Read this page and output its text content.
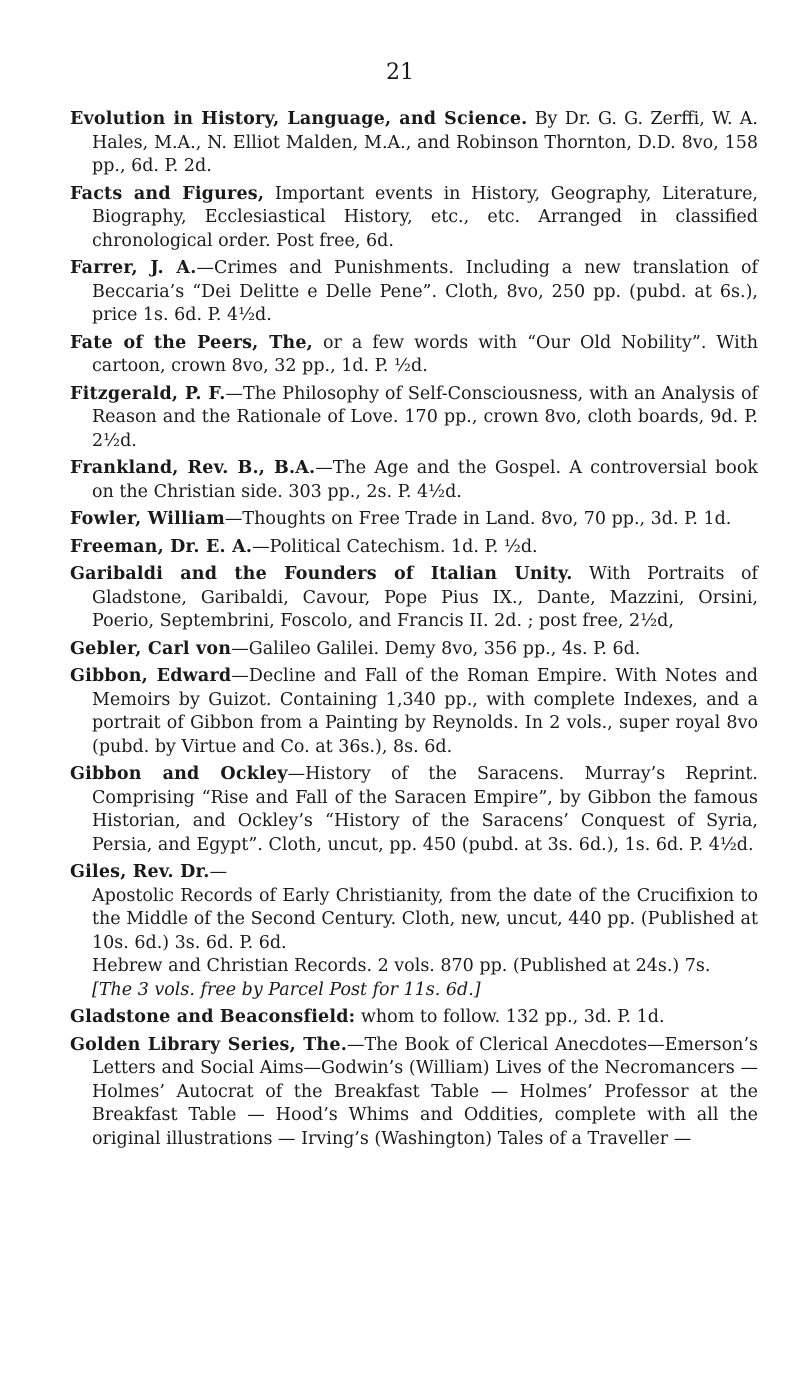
21

Evolution in History, Language, and Science. By Dr. G. G. Zerffi, W. A. Hales, M.A., N. Elliot Malden, M.A., and Robinson Thornton, D.D. 8vo, 158 pp., 6d. P. 2d.

Facts and Figures, Important events in History, Geography, Literature, Biography, Ecclesiastical History, etc., etc. Arranged in classified chronological order. Post free, 6d.

Farrer, J. A.—Crimes and Punishments. Including a new translation of Beccaria’s “Dei Delitte e Delle Pene”. Cloth, 8vo, 250 pp. (pubd. at 6s.), price 1s. 6d. P. 4½d.

Fate of the Peers, The, or a few words with “Our Old Nobility”. With cartoon, crown 8vo, 32 pp., 1d. P. ½d.

Fitzgerald, P. F.—The Philosophy of Self-Consciousness, with an Analysis of Reason and the Rationale of Love. 170 pp., crown 8vo, cloth boards, 9d. P. 2½d.

Frankland, Rev. B., B.A.—The Age and the Gospel. A controversial book on the Christian side. 303 pp., 2s. P. 4½d.

Fowler, William—Thoughts on Free Trade in Land. 8vo, 70 pp., 3d. P. 1d.

Freeman, Dr. E. A.—Political Catechism. 1d. P. ½d.

Garibaldi and the Founders of Italian Unity. With Portraits of Gladstone, Garibaldi, Cavour, Pope Pius IX., Dante, Mazzini, Orsini, Poerio, Septembrini, Foscolo, and Francis II. 2d. ; post free, 2½d,

Gebler, Carl von—Galileo Galilei. Demy 8vo, 356 pp., 4s. P. 6d.

Gibbon, Edward—Decline and Fall of the Roman Empire. With Notes and Memoirs by Guizot. Containing 1,340 pp., with complete Indexes, and a portrait of Gibbon from a Painting by Reynolds. In 2 vols., super royal 8vo (pubd. by Virtue and Co. at 36s.), 8s. 6d.

Gibbon and Ockley—History of the Saracens. Murray’s Reprint. Comprising “Rise and Fall of the Saracen Empire”, by Gibbon the famous Historian, and Ockley’s “History of the Saracens’ Conquest of Syria, Persia, and Egypt”. Cloth, uncut, pp. 450 (pubd. at 3s. 6d.), 1s. 6d. P. 4½d.

Giles, Rev. Dr.—
Apostolic Records of Early Christianity, from the date of the Crucifixion to the Middle of the Second Century. Cloth, new, uncut, 440 pp. (Published at 10s. 6d.) 3s. 6d. P. 6d.
Hebrew and Christian Records. 2 vols. 870 pp. (Published at 24s.) 7s.
[The 3 vols. free by Parcel Post for 11s. 6d.]

Gladstone and Beaconsfield: whom to follow. 132 pp., 3d. P. 1d.

Golden Library Series, The.—The Book of Clerical Anecdotes—Emerson’s Letters and Social Aims—Godwin’s (William) Lives of the Necromancers — Holmes’ Autocrat of the Breakfast Table — Holmes’ Professor at the Breakfast Table — Hood’s Whims and Oddities, complete with all the original illustrations — Irving’s (Washington) Tales of a Traveller —
